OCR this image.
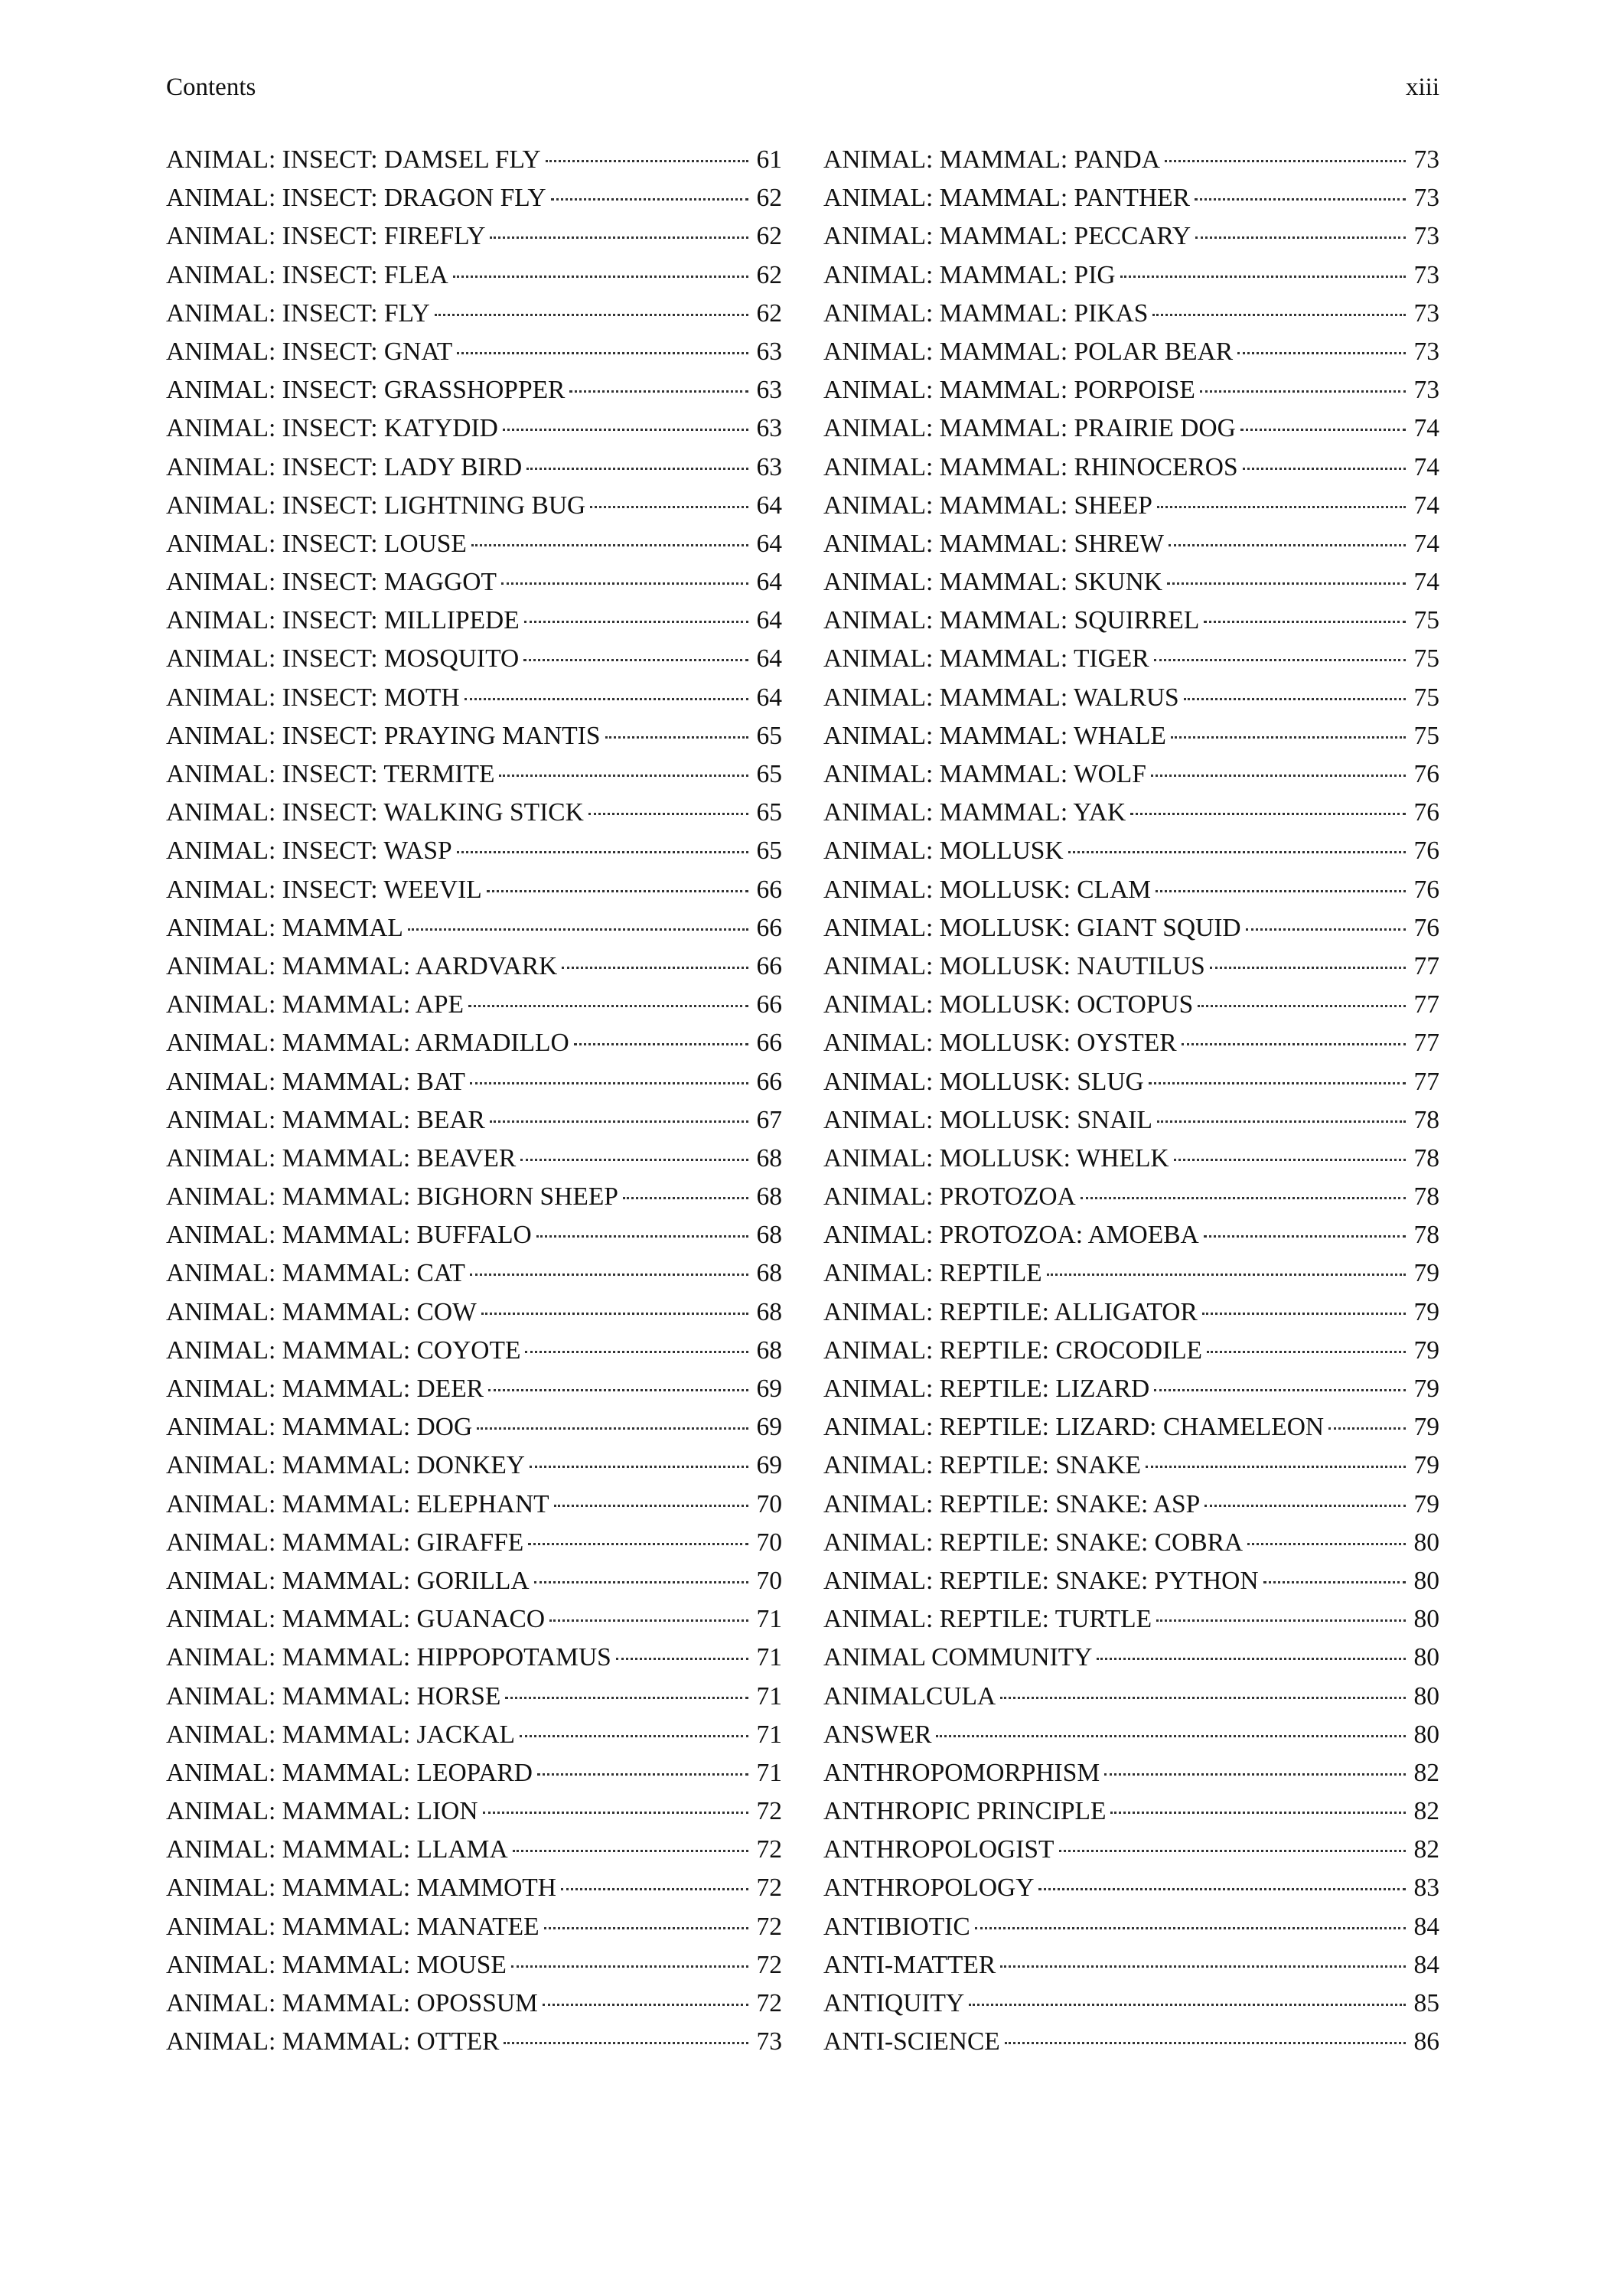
Contents	xiii
ANIMAL: INSECT: DAMSEL FLY	61
ANIMAL: INSECT: DRAGON FLY	62
ANIMAL: INSECT: FIREFLY	62
ANIMAL: INSECT: FLEA	62
ANIMAL: INSECT: FLY	62
ANIMAL: INSECT: GNAT	63
ANIMAL: INSECT: GRASSHOPPER	63
ANIMAL: INSECT: KATYDID	63
ANIMAL: INSECT: LADY BIRD	63
ANIMAL: INSECT: LIGHTNING BUG	64
ANIMAL: INSECT: LOUSE	64
ANIMAL: INSECT: MAGGOT	64
ANIMAL: INSECT: MILLIPEDE	64
ANIMAL: INSECT: MOSQUITO	64
ANIMAL: INSECT: MOTH	64
ANIMAL: INSECT: PRAYING MANTIS	65
ANIMAL: INSECT: TERMITE	65
ANIMAL: INSECT: WALKING STICK	65
ANIMAL: INSECT: WASP	65
ANIMAL: INSECT: WEEVIL	66
ANIMAL: MAMMAL	66
ANIMAL: MAMMAL: AARDVARK	66
ANIMAL: MAMMAL: APE	66
ANIMAL: MAMMAL: ARMADILLO	66
ANIMAL: MAMMAL: BAT	66
ANIMAL: MAMMAL: BEAR	67
ANIMAL: MAMMAL: BEAVER	68
ANIMAL: MAMMAL: BIGHORN SHEEP	68
ANIMAL: MAMMAL: BUFFALO	68
ANIMAL: MAMMAL: CAT	68
ANIMAL: MAMMAL: COW	68
ANIMAL: MAMMAL: COYOTE	68
ANIMAL: MAMMAL: DEER	69
ANIMAL: MAMMAL: DOG	69
ANIMAL: MAMMAL: DONKEY	69
ANIMAL: MAMMAL: ELEPHANT	70
ANIMAL: MAMMAL: GIRAFFE	70
ANIMAL: MAMMAL: GORILLA	70
ANIMAL: MAMMAL: GUANACO	71
ANIMAL: MAMMAL: HIPPOPOTAMUS	71
ANIMAL: MAMMAL: HORSE	71
ANIMAL: MAMMAL: JACKAL	71
ANIMAL: MAMMAL: LEOPARD	71
ANIMAL: MAMMAL: LION	72
ANIMAL: MAMMAL: LLAMA	72
ANIMAL: MAMMAL: MAMMOTH	72
ANIMAL: MAMMAL: MANATEE	72
ANIMAL: MAMMAL: MOUSE	72
ANIMAL: MAMMAL: OPOSSUM	72
ANIMAL: MAMMAL: OTTER	73
ANIMAL: MAMMAL: PANDA	73
ANIMAL: MAMMAL: PANTHER	73
ANIMAL: MAMMAL: PECCARY	73
ANIMAL: MAMMAL: PIG	73
ANIMAL: MAMMAL: PIKAS	73
ANIMAL: MAMMAL: POLAR BEAR	73
ANIMAL: MAMMAL: PORPOISE	73
ANIMAL: MAMMAL: PRAIRIE DOG	74
ANIMAL: MAMMAL: RHINOCEROS	74
ANIMAL: MAMMAL: SHEEP	74
ANIMAL: MAMMAL: SHREW	74
ANIMAL: MAMMAL: SKUNK	74
ANIMAL: MAMMAL: SQUIRREL	75
ANIMAL: MAMMAL: TIGER	75
ANIMAL: MAMMAL: WALRUS	75
ANIMAL: MAMMAL: WHALE	75
ANIMAL: MAMMAL: WOLF	76
ANIMAL: MAMMAL: YAK	76
ANIMAL: MOLLUSK	76
ANIMAL: MOLLUSK: CLAM	76
ANIMAL: MOLLUSK: GIANT SQUID	76
ANIMAL: MOLLUSK: NAUTILUS	77
ANIMAL: MOLLUSK: OCTOPUS	77
ANIMAL: MOLLUSK: OYSTER	77
ANIMAL: MOLLUSK: SLUG	77
ANIMAL: MOLLUSK: SNAIL	78
ANIMAL: MOLLUSK: WHELK	78
ANIMAL: PROTOZOA	78
ANIMAL: PROTOZOA: AMOEBA	78
ANIMAL: REPTILE	79
ANIMAL: REPTILE: ALLIGATOR	79
ANIMAL: REPTILE: CROCODILE	79
ANIMAL: REPTILE: LIZARD	79
ANIMAL: REPTILE: LIZARD: CHAMELEON	79
ANIMAL: REPTILE: SNAKE	79
ANIMAL: REPTILE: SNAKE: ASP	79
ANIMAL: REPTILE: SNAKE: COBRA	80
ANIMAL: REPTILE: SNAKE: PYTHON	80
ANIMAL: REPTILE: TURTLE	80
ANIMAL COMMUNITY	80
ANIMALCULA	80
ANSWER	80
ANTHROPOMORPHISM	82
ANTHROPIC PRINCIPLE	82
ANTHROPOLOGIST	82
ANTHROPOLOGY	83
ANTIBIOTIC	84
ANTI-MATTER	84
ANTIQUITY	85
ANTI-SCIENCE	86
